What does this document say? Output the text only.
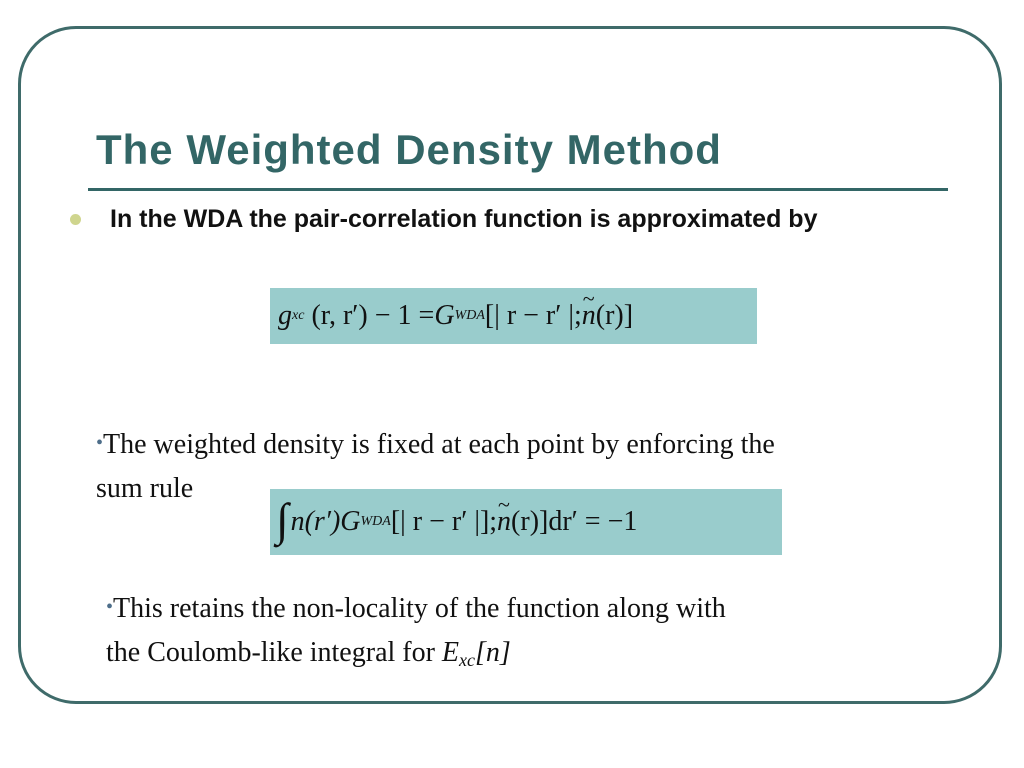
The Weighted Density Method
In the WDA the pair-correlation function is approximated by
g xc
(r, r′) − 1 = G WDA [| r − r′ |; ~ n (r)]
•The weighted density is fixed at each point by enforcing the
sum rule
∫ n(r′) G WDA [| r − r′ |]; ~ n (r)]dr′ = −1
•This retains the non-locality of the function along with
the Coulomb-like integral for $E_{xc}[n]$
